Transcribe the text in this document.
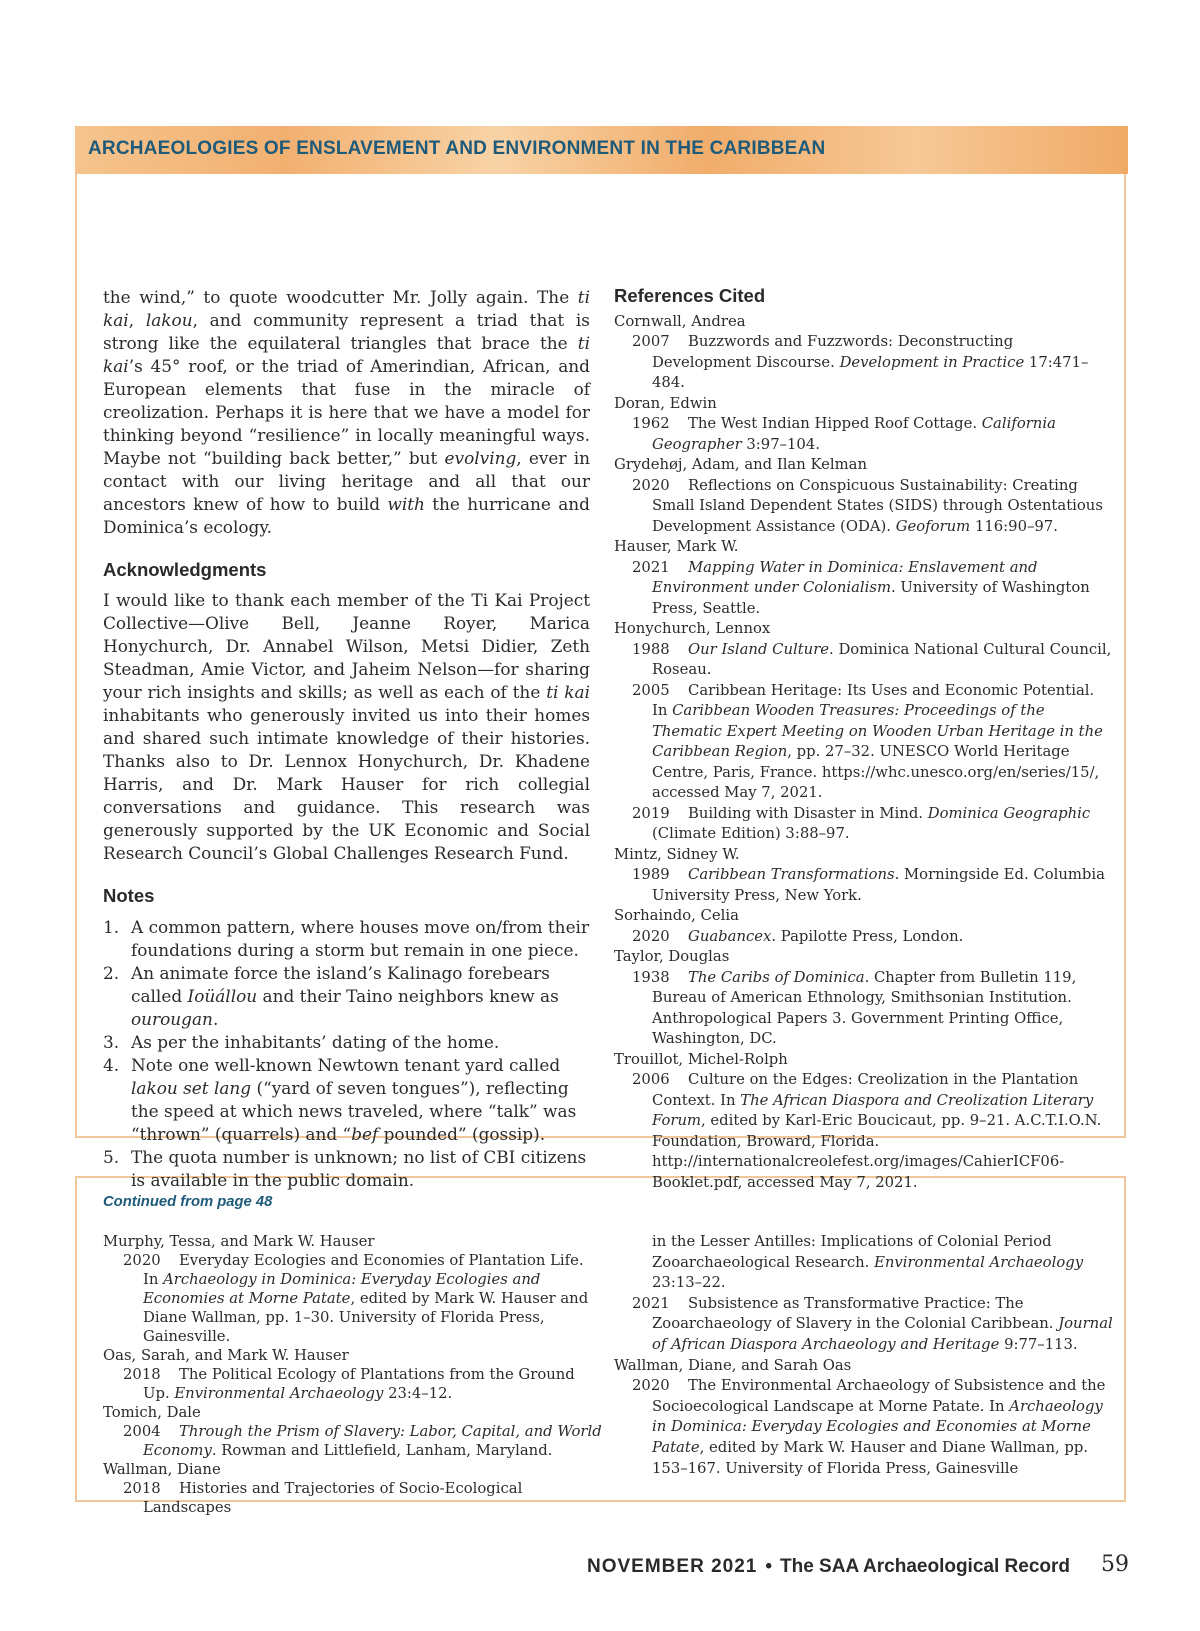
ARCHAEOLOGIES OF ENSLAVEMENT AND ENVIRONMENT IN THE CARIBBEAN

the wind,” to quote woodcutter Mr. Jolly again. The ti kai, lakou, and community represent a triad that is strong like the equilateral triangles that brace the ti kai’s 45° roof, or the triad of Amerindian, African, and European elements that fuse in the miracle of creolization. Perhaps it is here that we have a model for thinking beyond “resilience” in locally meaningful ways. Maybe not “building back better,” but evolving, ever in contact with our living heritage and all that our ancestors knew of how to build with the hurricane and Dominica’s ecology.

Acknowledgments

I would like to thank each member of the Ti Kai Project Collective—Olive Bell, Jeanne Royer, Marica Honychurch, Dr. Annabel Wilson, Metsi Didier, Zeth Steadman, Amie Victor, and Jaheim Nelson—for sharing your rich insights and skills; as well as each of the ti kai inhabitants who generously invited us into their homes and shared such intimate knowledge of their histories. Thanks also to Dr. Lennox Honychurch, Dr. Khadene Harris, and Dr. Mark Hauser for rich collegial conversations and guidance. This research was generously supported by the UK Economic and Social Research Council’s Global Challenges Research Fund.

Notes
1. A common pattern, where houses move on/from their foundations during a storm but remain in one piece.
2. An animate force the island’s Kalinago forebears called Ioüállou and their Taino neighbors knew as ourougan.
3. As per the inhabitants’ dating of the home.
4. Note one well-known Newtown tenant yard called lakou set lang (“yard of seven tongues”), reflecting the speed at which news traveled, where “talk” was “thrown” (quarrels) and “bef pounded” (gossip).
5. The quota number is unknown; no list of CBI citizens is available in the public domain.
References Cited
Cornwall, Andrea
2007 Buzzwords and Fuzzwords: Deconstructing Development Discourse. Development in Practice 17:471–484.
Doran, Edwin
1962 The West Indian Hipped Roof Cottage. California Geographer 3:97–104.
Grydehøj, Adam, and Ilan Kelman
2020 Reflections on Conspicuous Sustainability: Creating Small Island Dependent States (SIDS) through Ostentatious Development Assistance (ODA). Geoforum 116:90–97.
Hauser, Mark W.
2021 Mapping Water in Dominica: Enslavement and Environment under Colonialism. University of Washington Press, Seattle.
Honychurch, Lennox
1988 Our Island Culture. Dominica National Cultural Council, Roseau.
2005 Caribbean Heritage: Its Uses and Economic Potential. In Caribbean Wooden Treasures: Proceedings of the Thematic Expert Meeting on Wooden Urban Heritage in the Caribbean Region, pp. 27–32. UNESCO World Heritage Centre, Paris, France. https://whc.unesco.org/en/series/15/, accessed May 7, 2021.
2019 Building with Disaster in Mind. Dominica Geographic (Climate Edition) 3:88–97.
Mintz, Sidney W.
1989 Caribbean Transformations. Morningside Ed. Columbia University Press, New York.
Sorhaindo, Celia
2020 Guabancex. Papilotte Press, London.
Taylor, Douglas
1938 The Caribs of Dominica. Chapter from Bulletin 119, Bureau of American Ethnology, Smithsonian Institution. Anthropological Papers 3. Government Printing Office, Washington, DC.
Trouillot, Michel-Rolph
2006 Culture on the Edges: Creolization in the Plantation Context. In The African Diaspora and Creolization Literary Forum, edited by Karl-Eric Boucicaut, pp. 9–21. A.C.T.I.O.N. Foundation, Broward, Florida. http://internationalcreolefest.org/images/CahierICF06-Booklet.pdf, accessed May 7, 2021.
Continued from page 48
Murphy, Tessa, and Mark W. Hauser
2020 Everyday Ecologies and Economies of Plantation Life. In Archaeology in Dominica: Everyday Ecologies and Economies at Morne Patate, edited by Mark W. Hauser and Diane Wallman, pp. 1–30. University of Florida Press, Gainesville.
Oas, Sarah, and Mark W. Hauser
2018 The Political Ecology of Plantations from the Ground Up. Environmental Archaeology 23:4–12.
Tomich, Dale
2004 Through the Prism of Slavery: Labor, Capital, and World Economy. Rowman and Littlefield, Lanham, Maryland.
Wallman, Diane
2018 Histories and Trajectories of Socio-Ecological Landscapes
in the Lesser Antilles: Implications of Colonial Period Zooarchaeological Research. Environmental Archaeology 23:13–22.
2021 Subsistence as Transformative Practice: The Zooarchaeology of Slavery in the Colonial Caribbean. Journal of African Diaspora Archaeology and Heritage 9:77–113.
Wallman, Diane, and Sarah Oas
2020 The Environmental Archaeology of Subsistence and the Socioecological Landscape at Morne Patate. In Archaeology in Dominica: Everyday Ecologies and Economies at Morne Patate, edited by Mark W. Hauser and Diane Wallman, pp. 153–167. University of Florida Press, Gainesville
NOVEMBER 2021 • The SAA Archaeological Record 59
